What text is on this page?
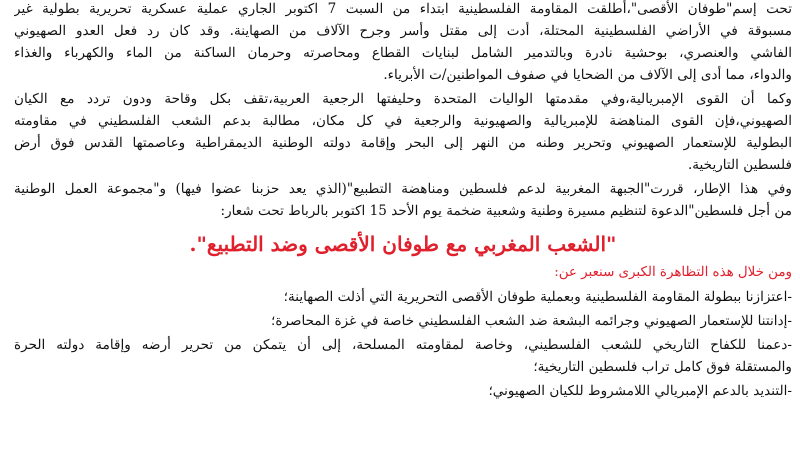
تحت إسم"طوفان الأقصى"،أطلقت المقاومة الفلسطينية ابتداء من السبت 7 اكتوبر الجاري عملية عسكرية تحريرية بطولية غير
مسبوقة في الأراضي الفلسطينية المحتلة، أدت إلى مقتل وأسر وجرح الآلاف من الصهاينة. وقد كان رد فعل العدو الصهيوني
الفاشي والعنصري، بوحشية نادرة وبالتدمير الشامل لبنايات القطاع ومحاصرته وحرمان الساكنة من الماء والكهرباء والغذاء
والدواء، مما أدى إلى الآلاف من الضحايا في صفوف المواطنين/ت الأبرياء.
وكما أن القوى الإمبريالية،وفي مقدمتها الواليات المتحدة وحليفتها الرجعية العربية،تقف بكل وقاحة ودون تردد مع الكيان
الصهيوني،فإن القوى المناهضة للإمبريالية والصهيونية والرجعية في كل مكان، مطالبة بدعم الشعب الفلسطيني في مقاومته
البطولية للإستعمار الصهيوني وتحرير وطنه من النهر إلى البحر وإقامة دولته الوطنية الديمقراطية وعاصمتها القدس فوق أرض
فلسطين التاريخية.
وفي هذا الإطار، قررت"الجبهة المغربية لدعم فلسطين ومناهضة التطبيع"(الذي يعد حزبنا عضوا فيها) و"مجموعة العمل الوطنية
من أجل فلسطين"الدعوة لتنظيم مسيرة وطنية وشعبية ضخمة يوم الأحد 15 اكتوبر بالرباط تحت شعار:
"الشعب المغربي مع طوفان الأقصى وضد التطبيع".
ومن خلال هذه التظاهرة الكبرى سنعبر عن:
-اعتزازنا ببطولة المقاومة الفلسطينية وبعملية طوفان الأقصى التحريرية التي أذلت الصهاينة؛
-إدانتنا للإستعمار الصهيوني وجرائمه البشعة ضد الشعب الفلسطيني خاصة في غزة المحاصرة؛
-دعمنا للكفاح التاريخي للشعب الفلسطيني، وخاصة لمقاومته المسلحة، إلى أن يتمكن من تحرير أرضه وإقامة دولته الحرة
والمستقلة فوق كامل تراب فلسطين التاريخية؛
-التنديد بالدعم الإمبريالي اللامشروط للكيان الصهيوني؛
